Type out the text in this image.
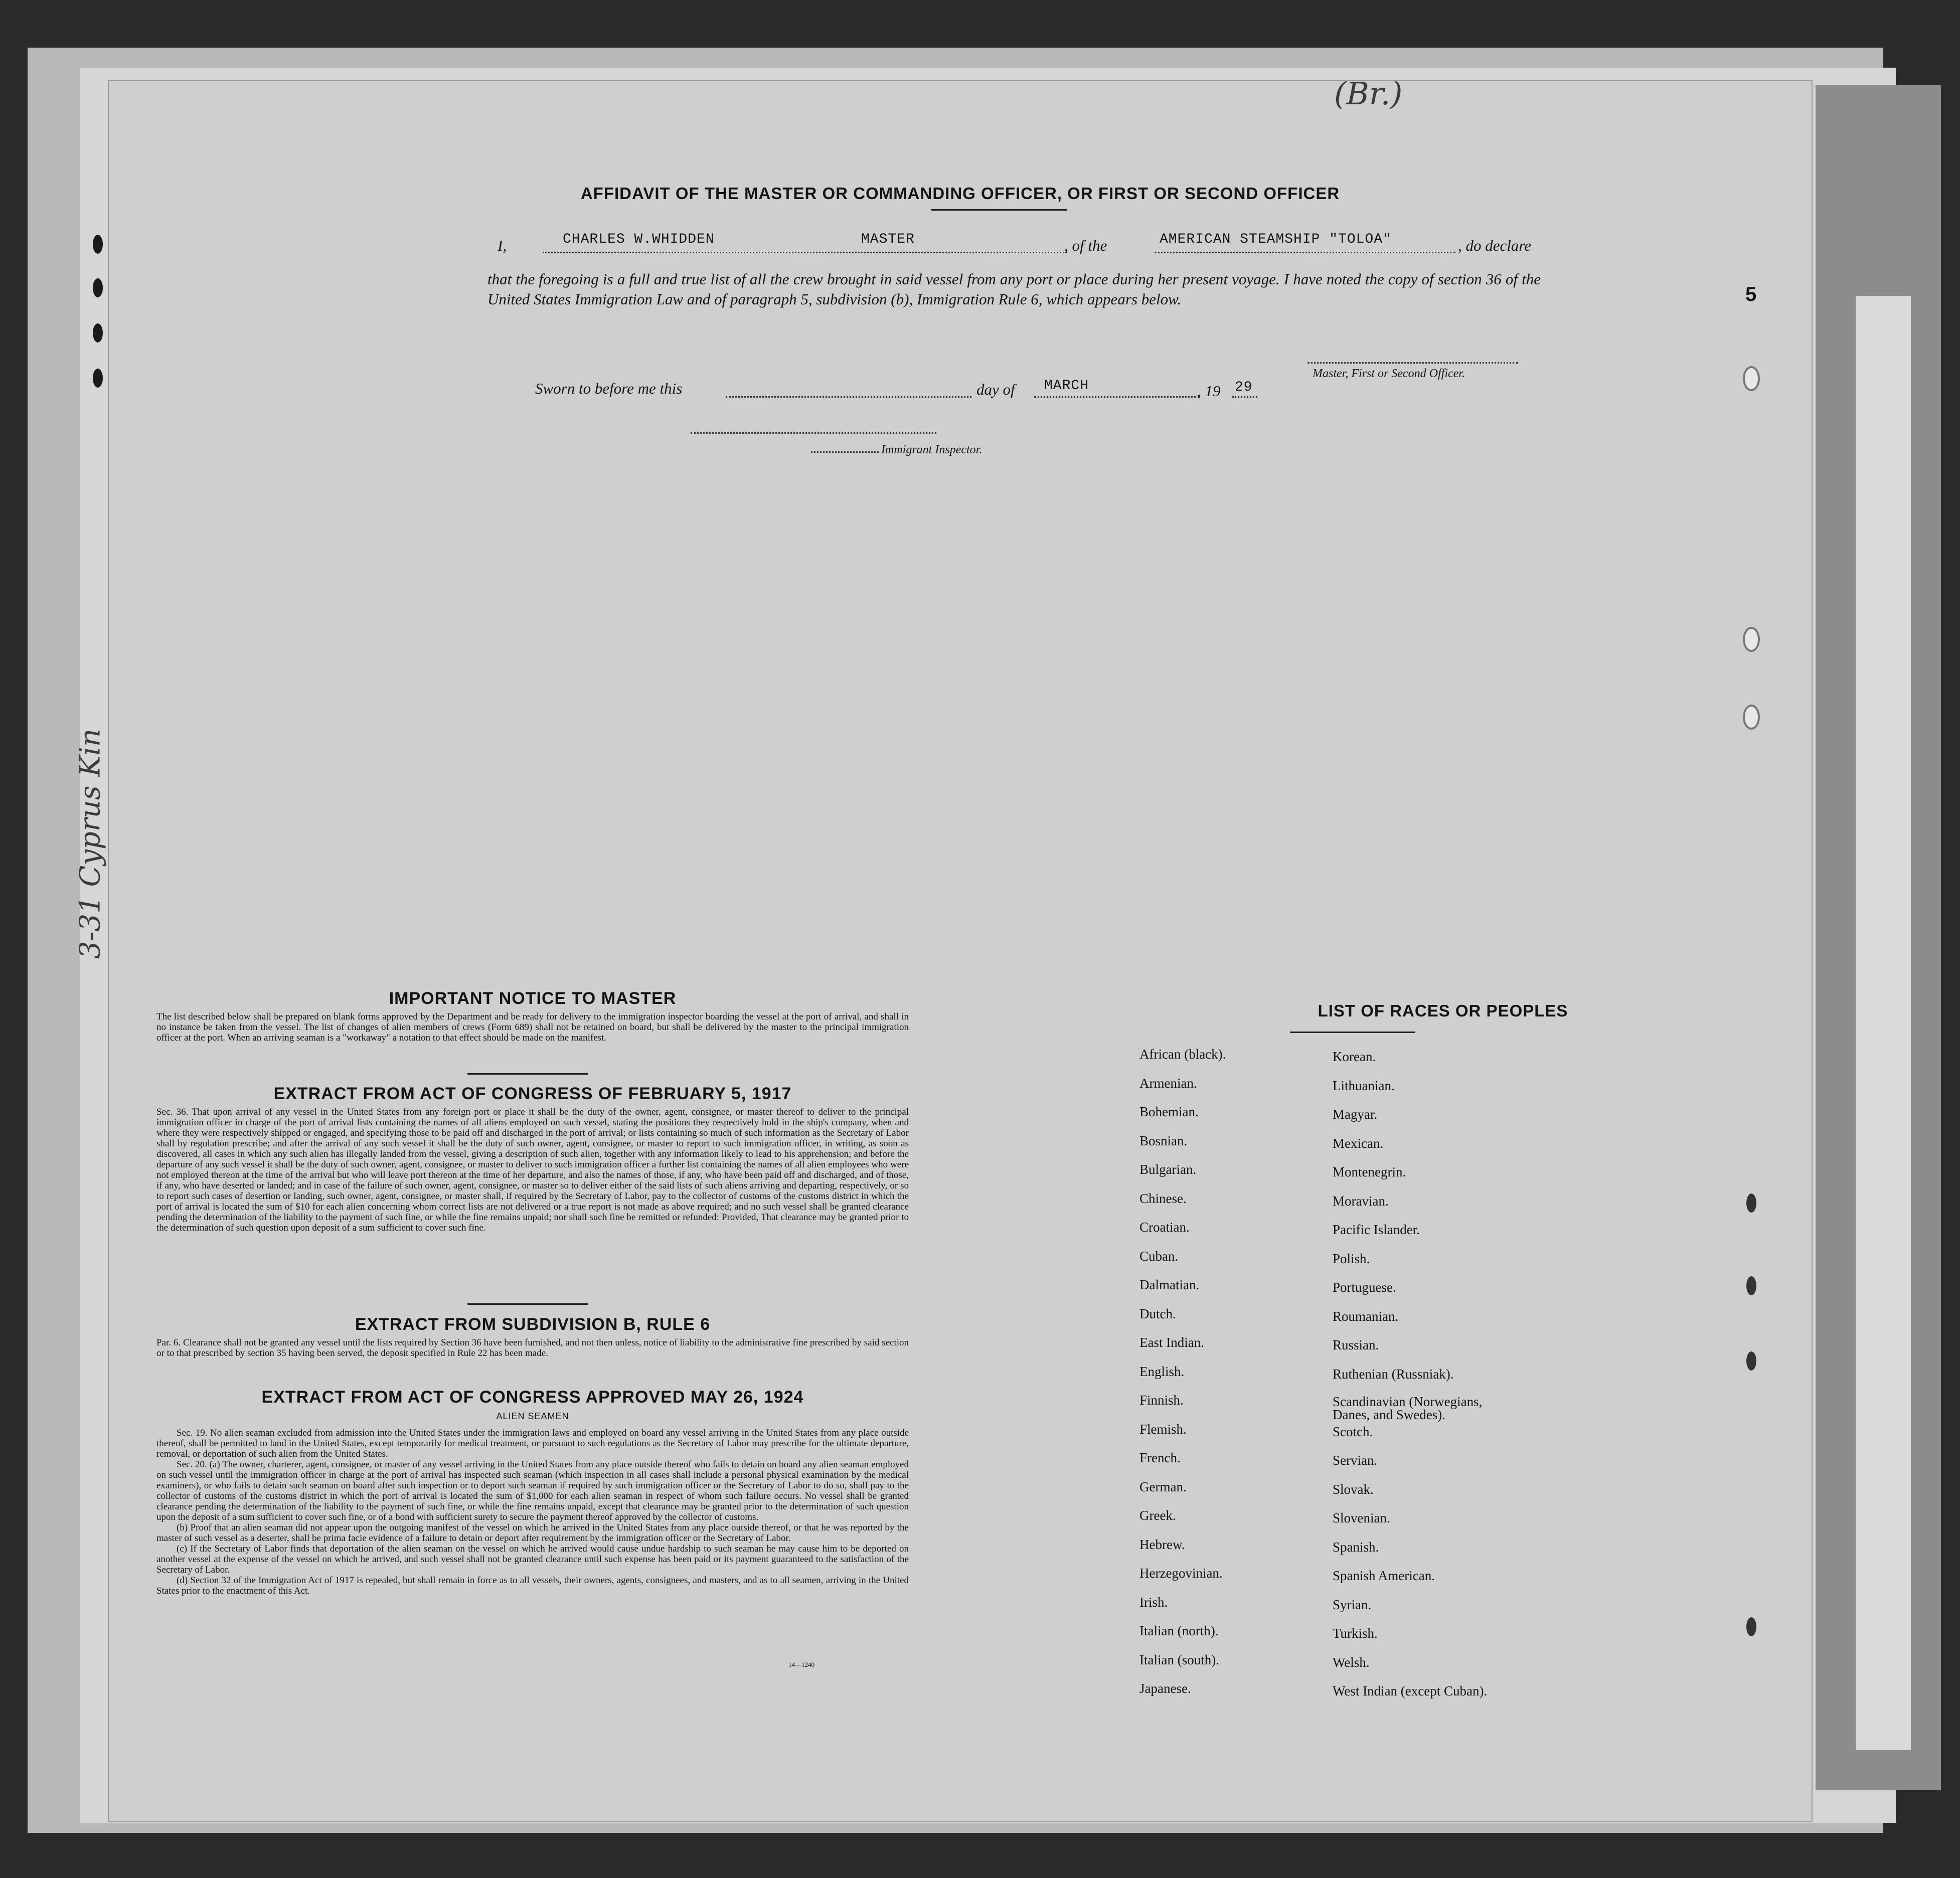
AFFIDAVIT OF THE MASTER OR COMMANDING OFFICER, OR FIRST OR SECOND OFFICER
I,	CHARLES W.WHIDDEN	MASTER	, of the	AMERICAN STEAMSHIP "TOLOA"	, do declare
that the foregoing is a full and true list of all the crew brought in said vessel from any port or place during her present voyage. I have noted the copy of section 36 of the United States Immigration Law and of paragraph 5, subdivision (b), Immigration Rule 6, which appears below.
Master, First or Second Officer.
Sworn to before me this	day of MARCH	, 19 29
Immigrant Inspector.
IMPORTANT NOTICE TO MASTER
The list described below shall be prepared on blank forms approved by the Department and be ready for delivery to the immigration inspector boarding the vessel at the port of arrival, and shall in no instance be taken from the vessel. The list of changes of alien members of crews (Form 689) shall not be retained on board, but shall be delivered by the master to the principal immigration officer at the port. When an arriving seaman is a "workaway" a notation to that effect should be made on the manifest.
EXTRACT FROM ACT OF CONGRESS OF FEBRUARY 5, 1917
Sec. 36. That upon arrival of any vessel in the United States from any foreign port or place it shall be the duty of the owner, agent, consignee, or master thereof to deliver to the principal immigration officer in charge of the port of arrival lists containing the names of all aliens employed on such vessel, stating the positions they respectively hold in the ship's company, when and where they were respectively shipped or engaged, and specifying those to be paid off and discharged in the port of arrival; or lists containing so much of such information as the Secretary of Labor shall by regulation prescribe; and after the arrival of any such vessel it shall be the duty of such owner, agent, consignee, or master to report to such immigration officer, in writing, as soon as discovered, all cases in which any such alien has illegally landed from the vessel, giving a description of such alien, together with any information likely to lead to his apprehension; and before the departure of any such vessel it shall be the duty of such owner, agent, consignee, or master to deliver to such immigration officer a further list containing the names of all alien employees who were not employed thereon at the time of the arrival but who will leave port thereon at the time of her departure, and also the names of those, if any, who have been paid off and discharged, and of those, if any, who have deserted or landed; and in case of the failure of such owner, agent, consignee, or master so to deliver either of the said lists of such aliens arriving and departing, respectively, or so to report such cases of desertion or landing, such owner, agent, consignee, or master shall, if required by the Secretary of Labor, pay to the collector of customs of the customs district in which the port of arrival is located the sum of $10 for each alien concerning whom correct lists are not delivered or a true report is not made as above required; and no such vessel shall be granted clearance pending the determination of the liability to the payment of such fine, or while the fine remains unpaid; nor shall such fine be remitted or refunded: Provided, That clearance may be granted prior to the determination of such question upon deposit of a sum sufficient to cover such fine.
EXTRACT FROM SUBDIVISION B, RULE 6
Par. 6. Clearance shall not be granted any vessel until the lists required by Section 36 have been furnished, and not then unless, notice of liability to the administrative fine prescribed by said section or to that prescribed by section 35 having been served, the deposit specified in Rule 22 has been made.
EXTRACT FROM ACT OF CONGRESS APPROVED MAY 26, 1924
ALIEN SEAMEN
Sec. 19. No alien seaman excluded from admission into the United States under the immigration laws and employed on board any vessel arriving in the United States from any place outside thereof, shall be permitted to land in the United States, except temporarily for medical treatment, or pursuant to such regulations as the Secretary of Labor may prescribe for the ultimate departure, removal, or deportation of such alien from the United States.
Sec. 20. (a) The owner, charterer, agent, consignee, or master of any vessel arriving in the United States from any place outside thereof who fails to detain on board any alien seaman employed on such vessel until the immigration officer in charge at the port of arrival has inspected such seaman (which inspection in all cases shall include a personal physical examination by the medical examiners), or who fails to detain such seaman on board after such inspection or to deport such seaman if required by such immigration officer or the Secretary of Labor to do so, shall pay to the collector of customs of the customs district in which the port of arrival is located the sum of $1,000 for each alien seaman in respect of whom such failure occurs. No vessel shall be granted clearance pending the determination of the liability to the payment of such fine, or while the fine remains unpaid, except that clearance may be granted prior to the determination of such question upon the deposit of a sum sufficient to cover such fine, or of a bond with sufficient surety to secure the payment thereof approved by the collector of customs.
(b) Proof that an alien seaman did not appear upon the outgoing manifest of the vessel on which he arrived in the United States from any place outside thereof, or that he was reported by the master of such vessel as a deserter, shall be prima facie evidence of a failure to detain or deport after requirement by the immigration officer or the Secretary of Labor.
(c) If the Secretary of Labor finds that deportation of the alien seaman on the vessel on which he arrived would cause undue hardship to such seaman he may cause him to be deported on another vessel at the expense of the vessel on which he arrived, and such vessel shall not be granted clearance until such expense has been paid or its payment guaranteed to the satisfaction of the Secretary of Labor.
(d) Section 32 of the Immigration Act of 1917 is repealed, but shall remain in force as to all vessels, their owners, agents, consignees, and masters, and as to all seamen, arriving in the United States prior to the enactment of this Act.
14—1240
LIST OF RACES OR PEOPLES
African (black).
Armenian.
Bohemian.
Bosnian.
Bulgarian.
Chinese.
Croatian.
Cuban.
Dalmatian.
Dutch.
East Indian.
English.
Finnish.
Flemish.
French.
German.
Greek.
Hebrew.
Herzegovinian.
Irish.
Italian (north).
Italian (south).
Japanese.
Korean.
Lithuanian.
Magyar.
Mexican.
Montenegrin.
Moravian.
Pacific Islander.
Polish.
Portuguese.
Roumanian.
Russian.
Ruthenian (Russniak).
Scandinavian (Norwegians, Danes, and Swedes).
Scotch.
Servian.
Slovak.
Slovenian.
Spanish.
Spanish American.
Syrian.
Turkish.
Welsh.
West Indian (except Cuban).
(Br.)
5
3-31 Cyprus Kin
